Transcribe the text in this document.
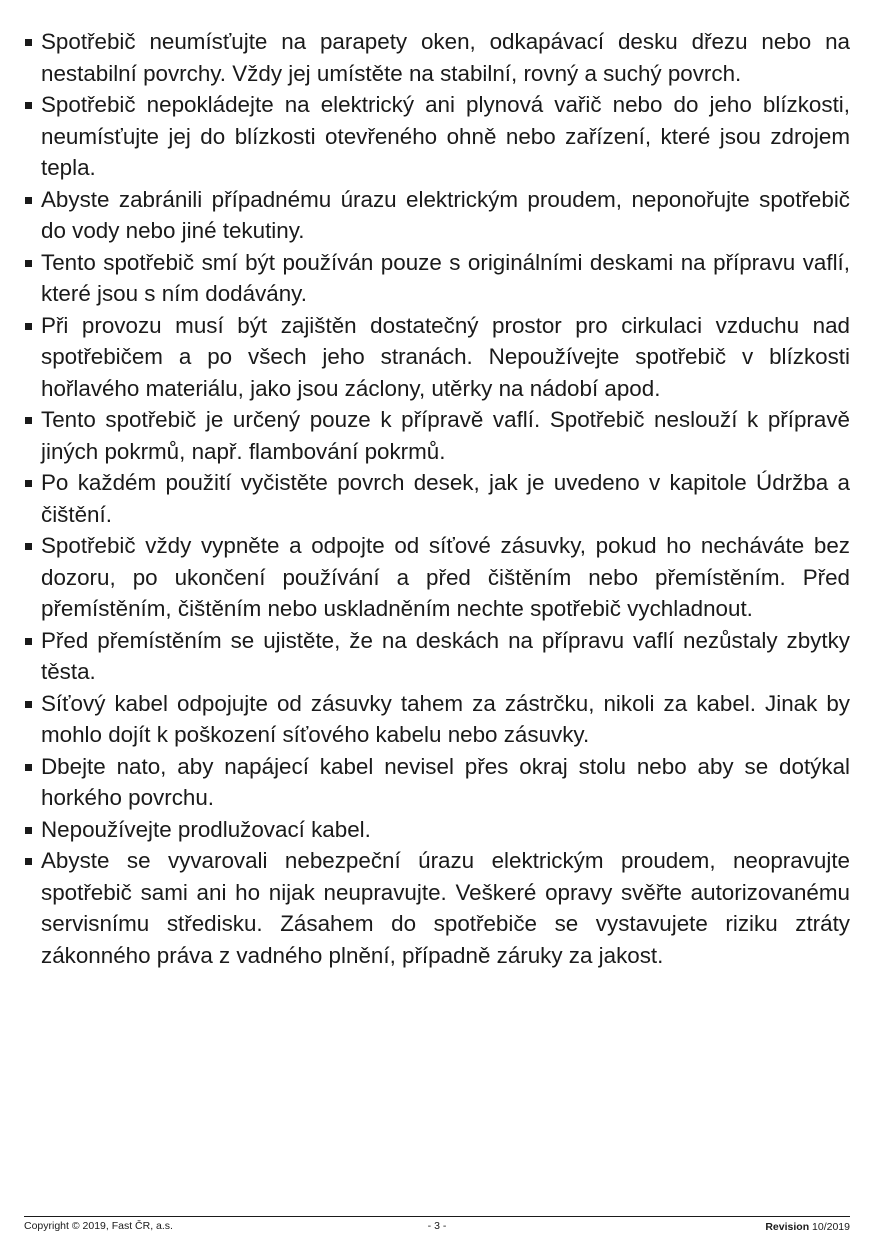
Spotřebič neumísťujte na parapety oken, odkapávací desku dřezu nebo na nestabilní povrchy. Vždy jej umístěte na stabilní, rovný a suchý povrch.
Spotřebič nepokládejte na elektrický ani plynová vařič nebo do jeho blízkosti, neumísťujte jej do blízkosti otevřeného ohně nebo zařízení, které jsou zdrojem tepla.
Abyste zabránili případnému úrazu elektrickým proudem, neponořujte spotřebič do vody nebo jiné tekutiny.
Tento spotřebič smí být používán pouze s originálními deskami na přípravu vaflí, které jsou s ním dodávány.
Při provozu musí být zajištěn dostatečný prostor pro cirkulaci vzduchu nad spotřebičem a po všech jeho stranách. Nepoužívejte spotřebič v blízkosti hořlavého materiálu, jako jsou záclony, utěrky na nádobí apod.
Tento spotřebič je určený pouze k přípravě vaflí. Spotřebič neslouží k přípravě jiných pokrmů, např. flambování pokrmů.
Po každém použití vyčistěte povrch desek, jak je uvedeno v kapitole Údržba a čištění.
Spotřebič vždy vypněte a odpojte od síťové zásuvky, pokud ho necháváte bez dozoru, po ukončení používání a před čištěním nebo přemístěním. Před přemístěním, čištěním nebo uskladněním nechte spotřebič vychladnout.
Před přemístěním se ujistěte, že na deskách na přípravu vaflí nezůstaly zbytky těsta.
Síťový kabel odpojujte od zásuvky tahem za zástrčku, nikoli za kabel. Jinak by mohlo dojít k poškození síťového kabelu nebo zásuvky.
Dbejte nato, aby napájecí kabel nevisel přes okraj stolu nebo aby se dotýkal horkého povrchu.
Nepoužívejte prodlužovací kabel.
Abyste se vyvarovali nebezpeční úrazu elektrickým proudem, neopravujte spotřebič sami ani ho nijak neupravujte. Veškeré opravy svěřte autorizovanému servisnímu středisku. Zásahem do spotřebiče se vystavujete riziku ztráty zákonného práva z vadného plnění, případně záruky za jakost.
Copyright © 2019, Fast ČR, a.s.	- 3 -	Revision 10/2019
